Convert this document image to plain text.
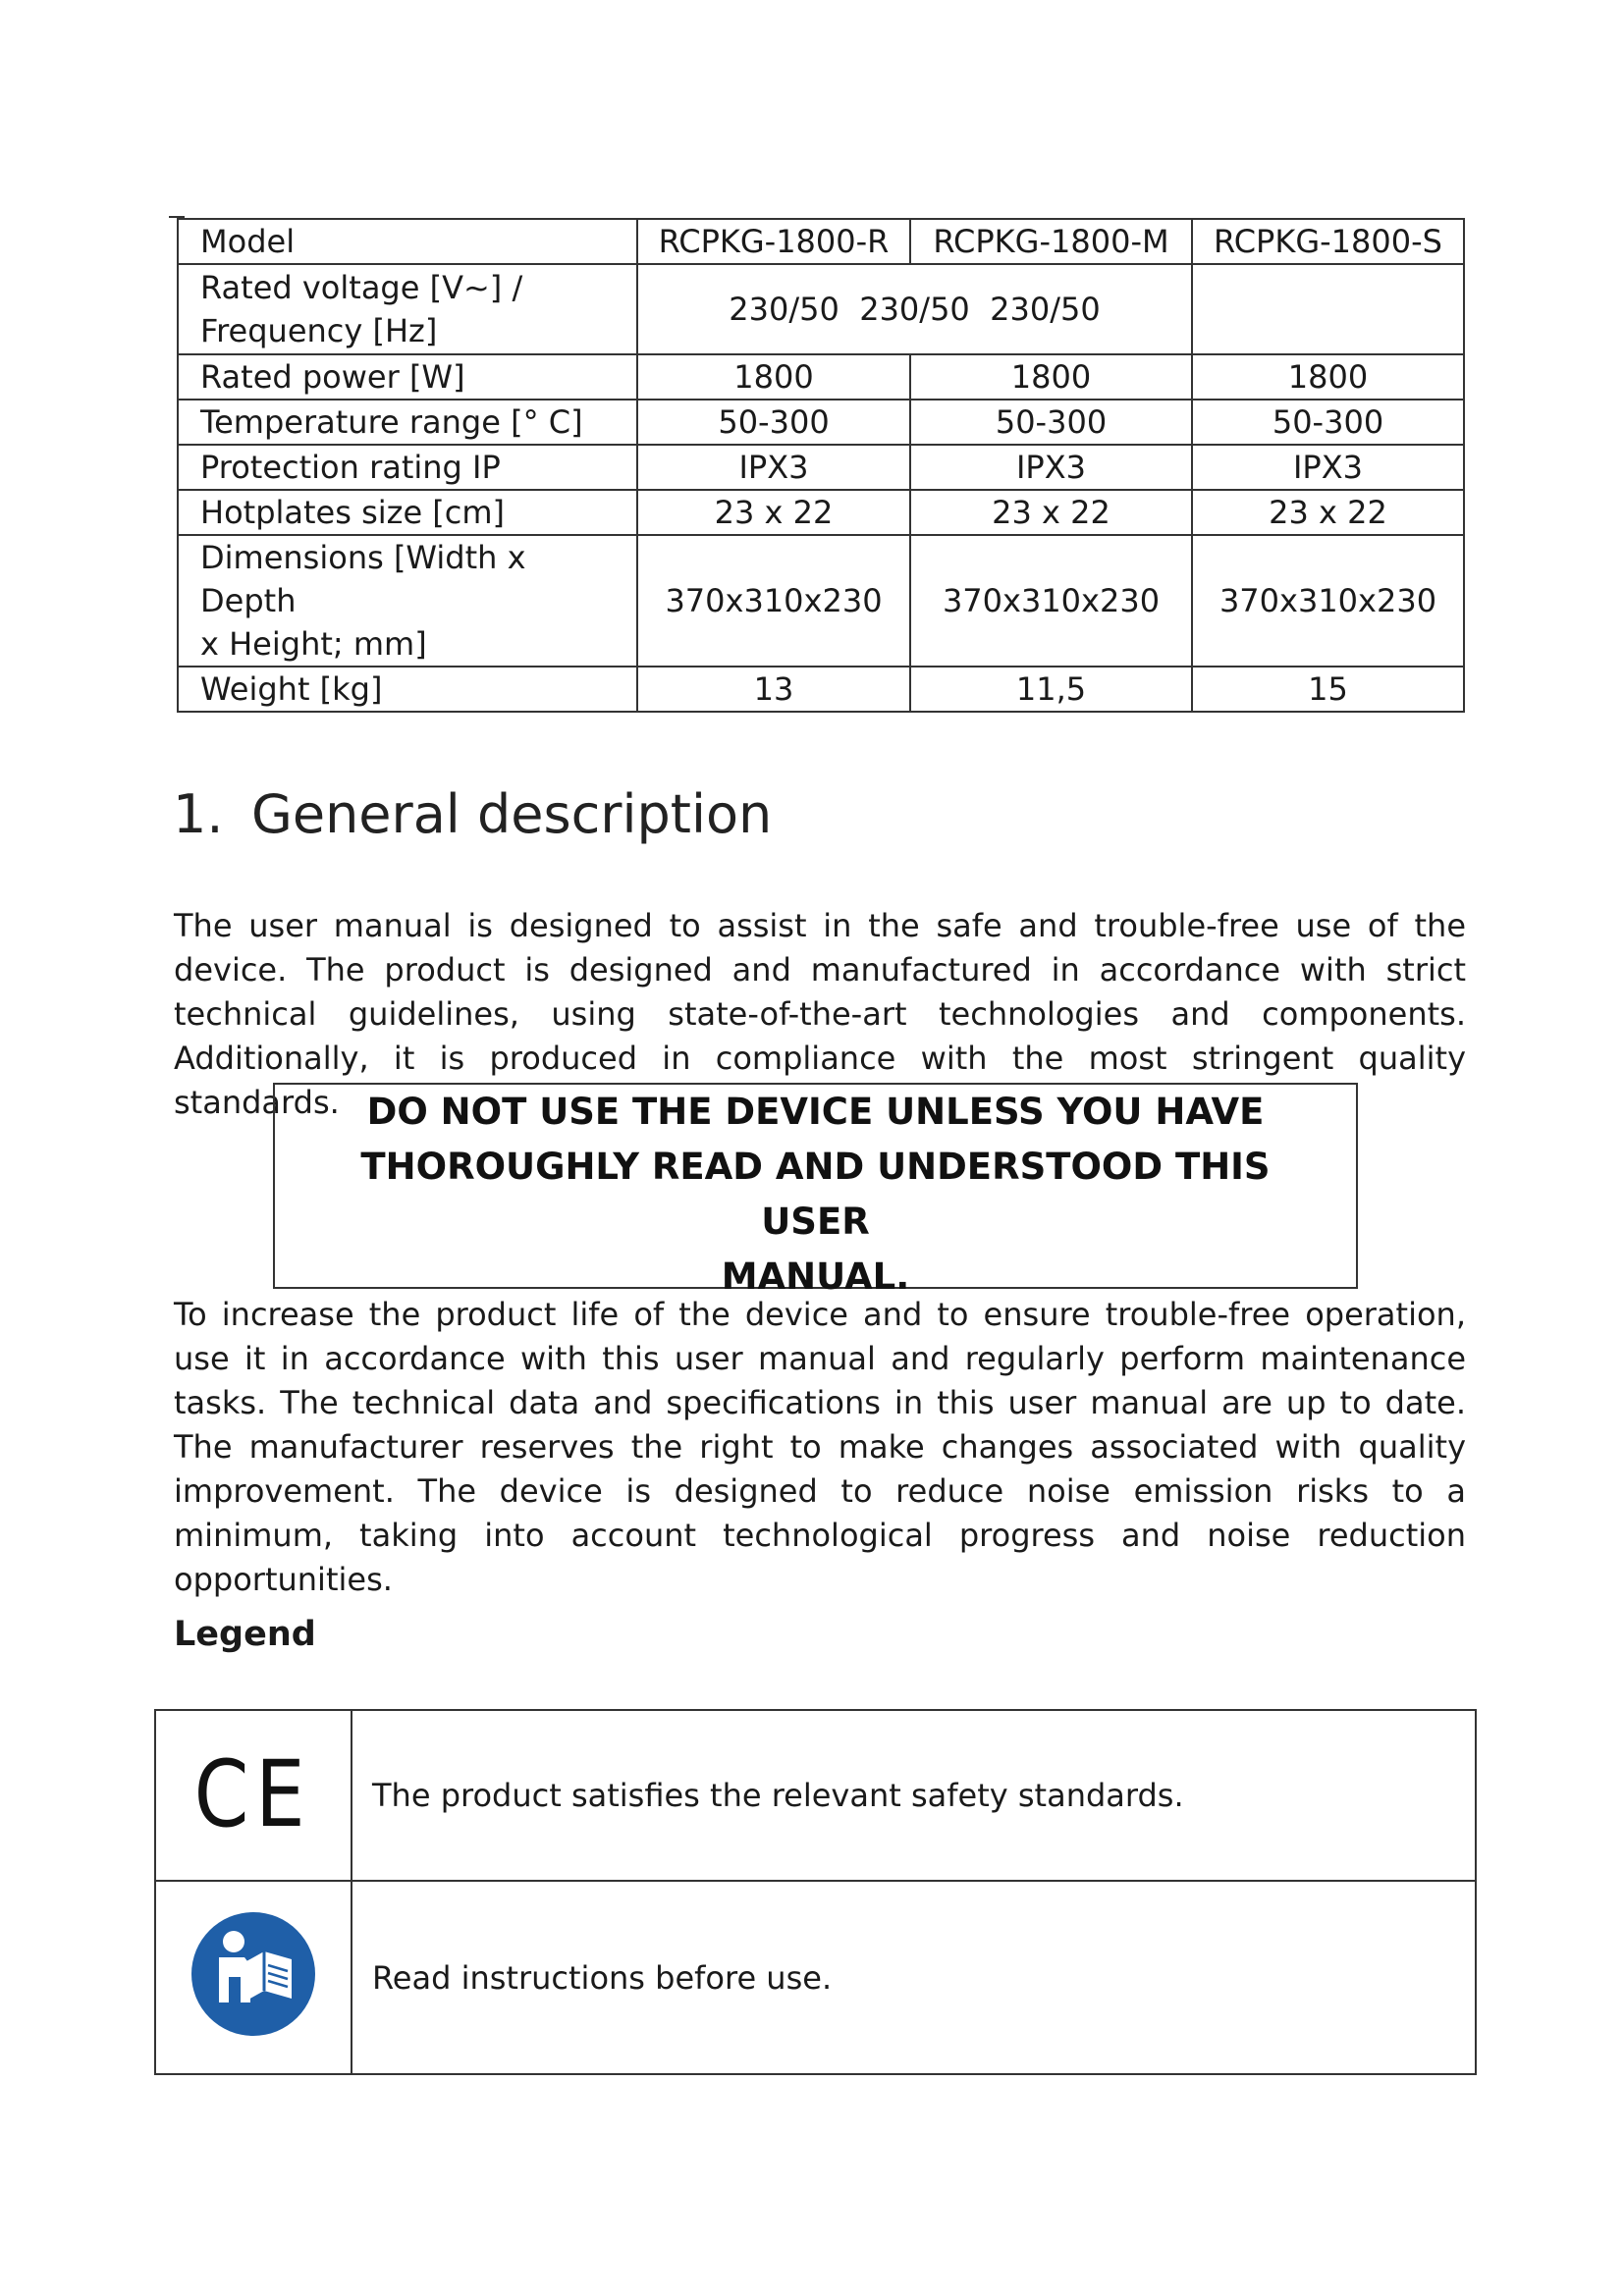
Model	RCPKG-1800-R	RCPKG-1800-M	RCPKG-1800-S

Rated voltage [V~] /
Frequency [Hz]	230/50  230/50  230/50		
Rated power [W]	1800	1800	1800
Temperature range [° C]	50-300	50-300	50-300
Protection rating IP	IPX3	IPX3	IPX3
Hotplates size [cm]	23 x 22	23 x 22	23 x 22

Dimensions [Width x Depth
x Height; mm]	370x310x230	370x310x230	370x310x230
Weight [kg]	13	11,5	15
1. General description

The user manual is designed to assist in the safe and trouble-free use of the device. The product is designed and manufactured in accordance with strict technical guidelines, using state-of-the-art technologies and components. Additionally, it is produced in compliance with the most stringent quality standards. DO NOT USE THE DEVICE UNLESS YOU HAVE

THOROUGHLY READ AND UNDERSTOOD THIS USER

MANUAL.

To increase the product life of the device and to ensure trouble-free operation, use it in accordance with this user manual and regularly perform maintenance tasks. The technical data and specifications in this user manual are up to date. The manufacturer reserves the right to make changes associated with quality improvement. The device is designed to reduce noise emission risks to a minimum, taking into account technological progress and noise reduction opportunities.

Legend
CE	The product satisfies the relevant safety standards.
	Read instructions before use.
